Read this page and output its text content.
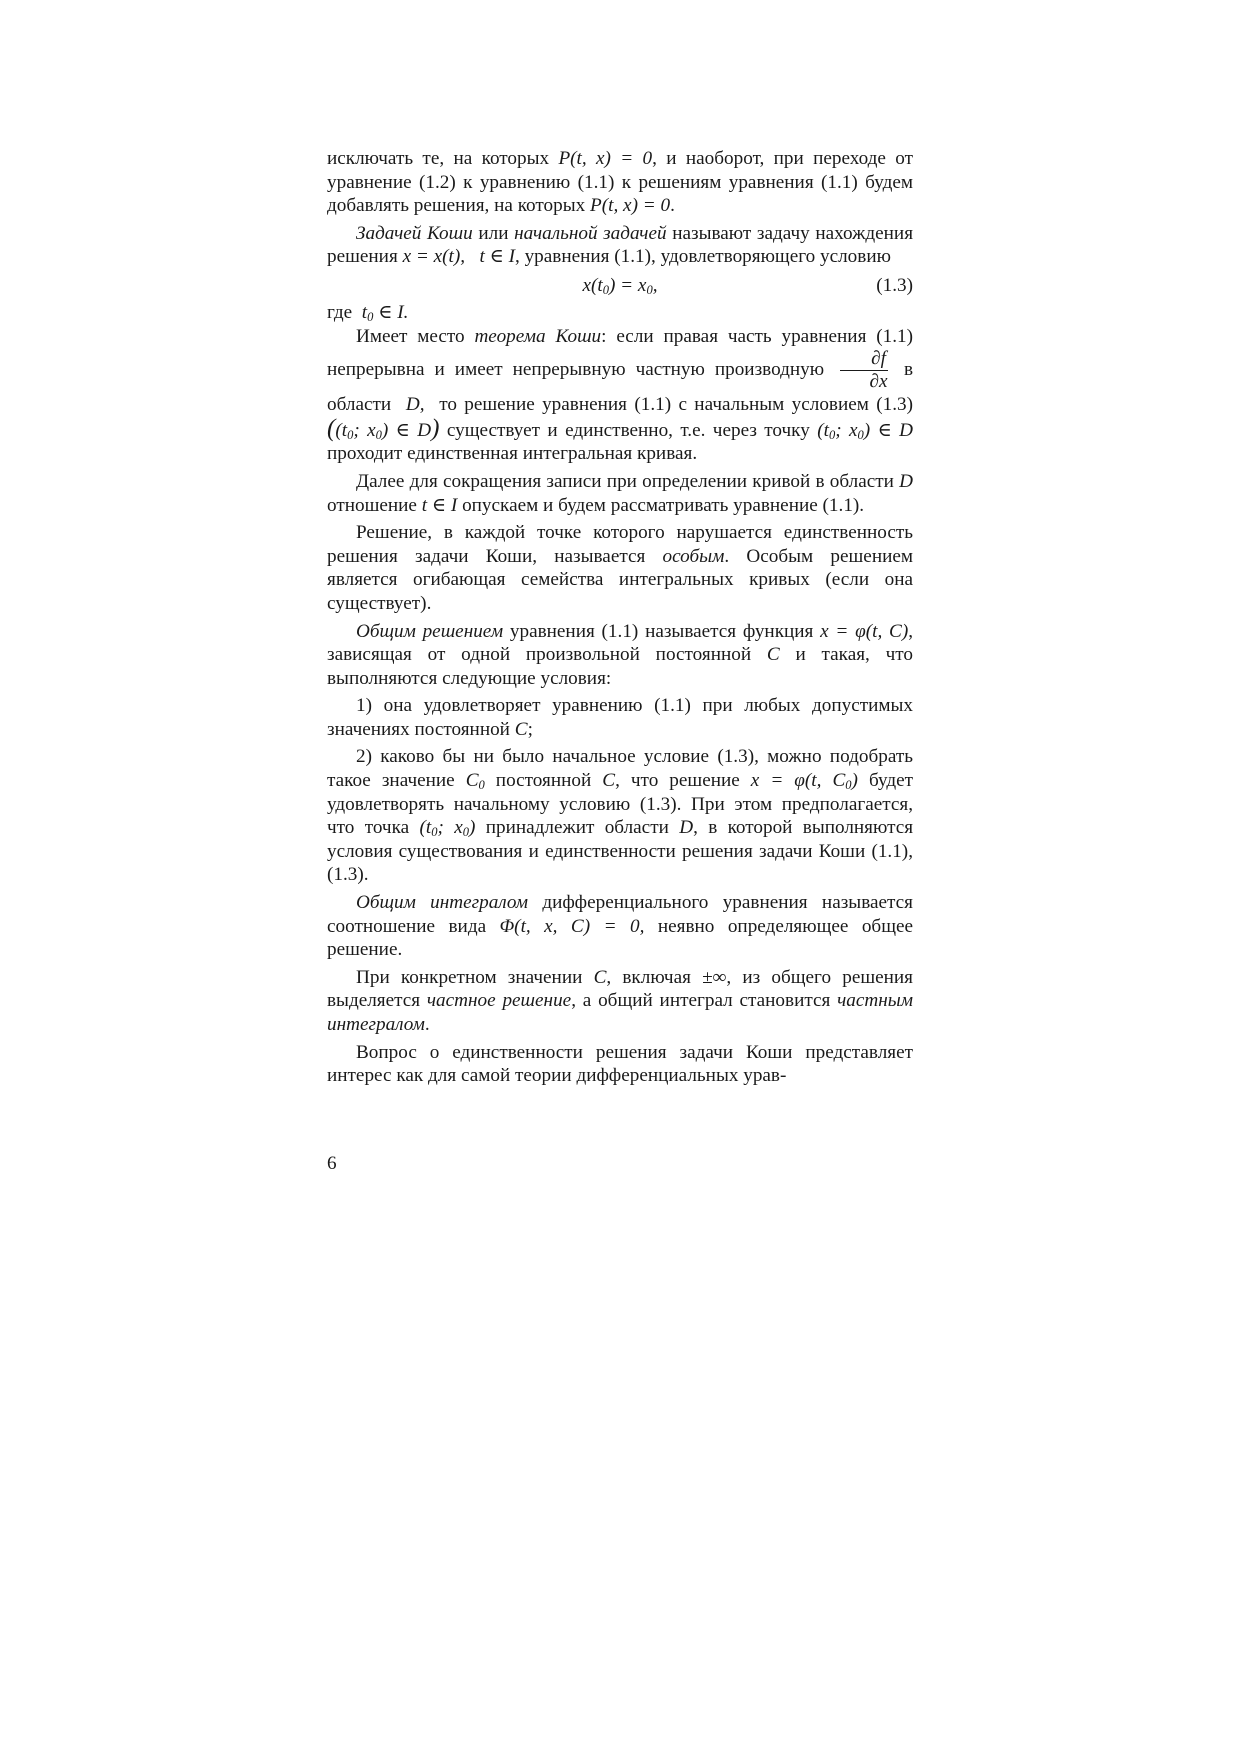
исключать те, на которых P(t, x) = 0, и наоборот, при переходе от уравнение (1.2) к уравнению (1.1) к решениям уравнения (1.1) будем добавлять решения, на которых P(t, x) = 0.

Задачей Коши или начальной задачей называют задачу нахождения решения x = x(t), t ∈ I, уравнения (1.1), удовлетворяющего условию

$x(t_0) = x_0$,	(1.3)

где $t_0$ ∈ I.

Имеет место теорема Коши: если правая часть уравнения (1.1) непрерывна и имеет непрерывную частную производную $\frac{\partial f}{\partial x}$ в области D, то решение уравнения (1.1) с начальным условием (1.3) (($t_0$; $x_0$) ∈ D) существует и единственно, т.е. через точку ($t_0$; $x_0$) ∈ D проходит единственная интегральная кривая.

Далее для сокращения записи при определении кривой в области D отношение t ∈ I опускаем и будем рассматривать уравнение (1.1).

Решение, в каждой точке которого нарушается единственность решения задачи Коши, называется особым. Особым решением является огибающая семейства интегральных кривых (если она существует).

Общим решением уравнения (1.1) называется функция x = φ(t, C), зависящая от одной произвольной постоянной C и такая, что выполняются следующие условия:

1) она удовлетворяет уравнению (1.1) при любых допустимых значениях постоянной C;

2) каково бы ни было начальное условие (1.3), можно подобрать такое значение $C_0$ постоянной C, что решение x = φ(t, $C_0$) будет удовлетворять начальному условию (1.3). При этом предполагается, что точка ($t_0$; $x_0$) принадлежит области D, в которой выполняются условия существования и единственности решения задачи Коши (1.1), (1.3).

Общим интегралом дифференциального уравнения называется соотношение вида Φ(t, x, C) = 0, неявно определяющее общее решение.

При конкретном значении C, включая ±∞, из общего решения выделяется частное решение, а общий интеграл становится частным интегралом.

Вопрос о единственности решения задачи Коши представляет интерес как для самой теории дифференциальных урав-

6
